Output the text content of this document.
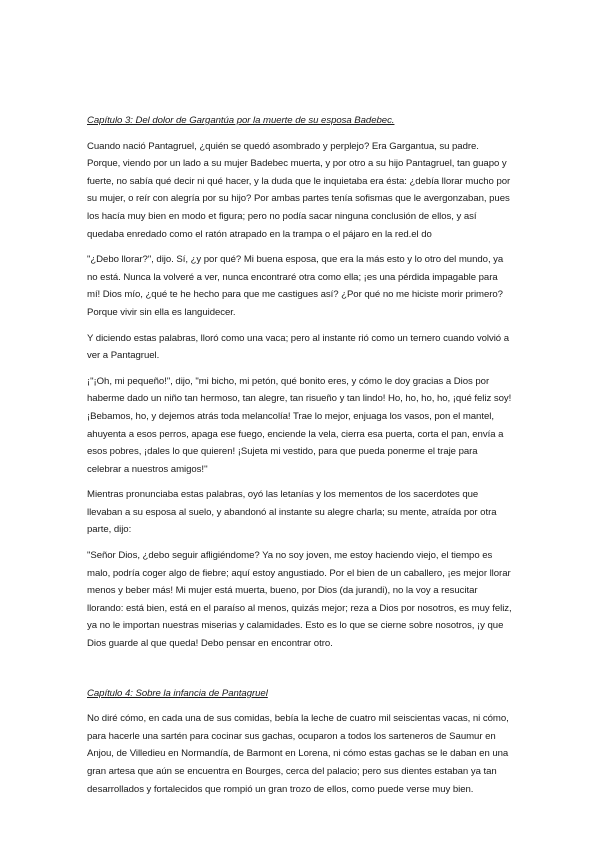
Capítulo 3: Del dolor de Gargantúa por la muerte de su esposa Badebec.

Cuando nació Pantagruel, ¿quién se quedó asombrado y perplejo? Era Gargantua, su padre. Porque, viendo por un lado a su mujer Badebec muerta, y por otro a su hijo Pantagruel, tan guapo y fuerte, no sabía qué decir ni qué hacer, y la duda que le inquietaba era ésta: ¿debía llorar mucho por su mujer, o reír con alegría por su hijo? Por ambas partes tenía sofismas que le avergonzaban, pues los hacía muy bien en modo et figura; pero no podía sacar ninguna conclusión de ellos, y así quedaba enredado como el ratón atrapado en la trampa o el pájaro en la red.el do

"¿Debo llorar?", dijo. Sí, ¿y por qué? Mi buena esposa, que era la más esto y lo otro del mundo, ya no está. Nunca la volveré a ver, nunca encontraré otra como ella; ¡es una pérdida impagable para mí! Dios mío, ¿qué te he hecho para que me castigues así? ¿Por qué no me hiciste morir primero? Porque vivir sin ella es languidecer.

Y diciendo estas palabras, lloró como una vaca; pero al instante rió como un ternero cuando volvió a ver a Pantagruel.

¡"¡Oh, mi pequeño!", dijo, "mi bicho, mi petón, qué bonito eres, y cómo le doy gracias a Dios por haberme dado un niño tan hermoso, tan alegre, tan risueño y tan lindo! Ho, ho, ho, ho, ¡qué feliz soy! ¡Bebamos, ho, y dejemos atrás toda melancolía! Trae lo mejor, enjuaga los vasos, pon el mantel, ahuyenta a esos perros, apaga ese fuego, enciende la vela, cierra esa puerta, corta el pan, envía a esos pobres, ¡dales lo que quieren! ¡Sujeta mi vestido, para que pueda ponerme el traje para celebrar a nuestros amigos!''

Mientras pronunciaba estas palabras, oyó las letanías y los mementos de los sacerdotes que llevaban a su esposa al suelo, y abandonó al instante su alegre charla; su mente, atraída por otra parte, dijo:

"Señor Dios, ¿debo seguir afligiéndome? Ya no soy joven, me estoy haciendo viejo, el tiempo es malo, podría coger algo de fiebre; aquí estoy angustiado. Por el bien de un caballero, ¡es mejor llorar menos y beber más! Mi mujer está muerta, bueno, por Dios (da jurandi), no la voy a resucitar llorando: está bien, está en el paraíso al menos, quizás mejor; reza a Dios por nosotros, es muy feliz, ya no le importan nuestras miserias y calamidades. Esto es lo que se cierne sobre nosotros, ¡y que Dios guarde al que queda! Debo pensar en encontrar otro.

Capítulo 4: Sobre la infancia de Pantagruel

No diré cómo, en cada una de sus comidas, bebía la leche de cuatro mil seiscientas vacas, ni cómo, para hacerle una sartén para cocinar sus gachas, ocuparon a todos los sarteneros de Saumur en Anjou, de Villedieu en Normandía, de Barmont en Lorena, ni cómo estas gachas se le daban en una gran artesa que aún se encuentra en Bourges, cerca del palacio; pero sus dientes estaban ya tan desarrollados y fortalecidos que rompió un gran trozo de ellos, como puede verse muy bien.
